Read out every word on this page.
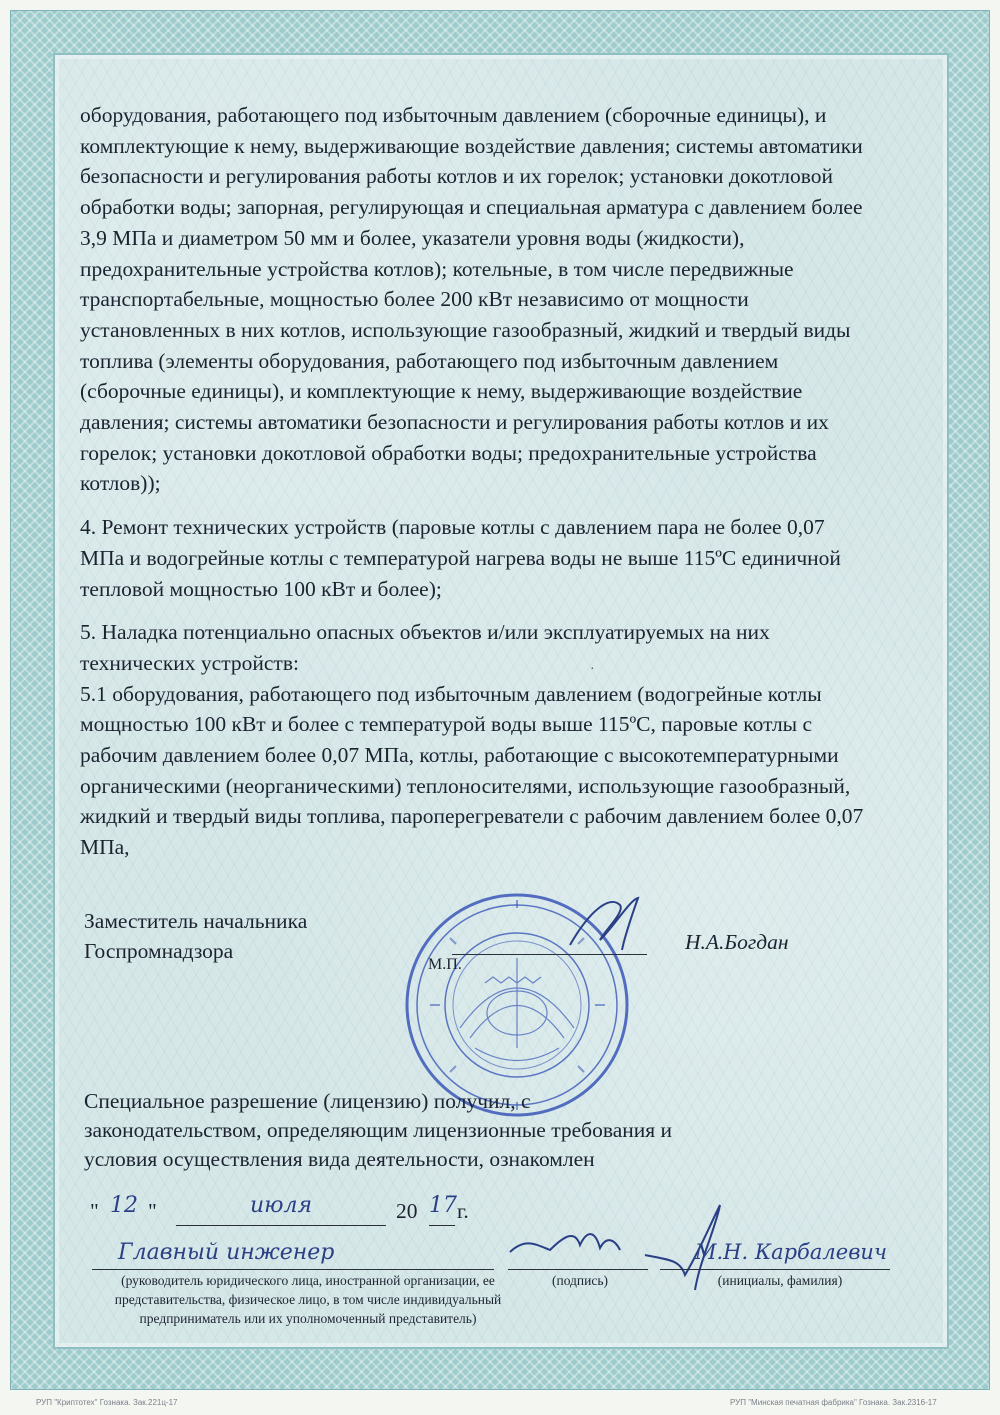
оборудования, работающего под избыточным давлением (сборочные единицы), и комплектующие к нему, выдерживающие воздействие давления; системы автоматики безопасности и регулирования работы котлов и их горелок; установки докотловой обработки воды; запорная, регулирующая и специальная арматура с давлением более 3,9 МПа и диаметром 50 мм и более, указатели уровня воды (жидкости), предохранительные устройства котлов); котельные, в том числе передвижные транспортабельные, мощностью более 200 кВт независимо от мощности установленных в них котлов, использующие газообразный, жидкий и твердый виды топлива (элементы оборудования, работающего под избыточным давлением (сборочные единицы), и комплектующие к нему, выдерживающие воздействие давления; системы автоматики безопасности и регулирования работы котлов и их горелок; установки докотловой обработки воды; предохранительные устройства котлов));

4. Ремонт технических устройств (паровые котлы с давлением пара не более 0,07 МПа и водогрейные котлы с температурой нагрева воды не выше 115ºС единичной тепловой мощностью 100 кВт и более);

5. Наладка потенциально опасных объектов и/или эксплуатируемых на них технических устройств:

5.1 оборудования, работающего под избыточным давлением (водогрейные котлы мощностью 100 кВт и более с температурой воды выше 115ºС, паровые котлы с рабочим давлением более 0,07 МПа, котлы, работающие с высокотемпературными органическими (неорганическими) теплоносителями, использующие газообразный, жидкий и твердый виды топлива, пароперегреватели с рабочим давлением более 0,07 МПа,

·
Заместитель начальника
Госпромнадзора
М.П.
Н.А.Богдан
Специальное разрешение (лицензию) получил, с законодательством, определяющим лицензионные требования и условия осуществления вида деятельности, ознакомлен
" 12 "	июля	20 17 г.
Главный инженер	М.Н. Карбалевич
(руководитель юридического лица, иностранной организации, ее представительства, физическое лицо, в том числе индивидуальный предприниматель или их уполномоченный представитель)
(подпись)	(инициалы, фамилия)
РУП "Криптотех" Гознака. Зак.221ц-17	РУП "Минская печатная фабрика" Гознака. Зак.2316-17
